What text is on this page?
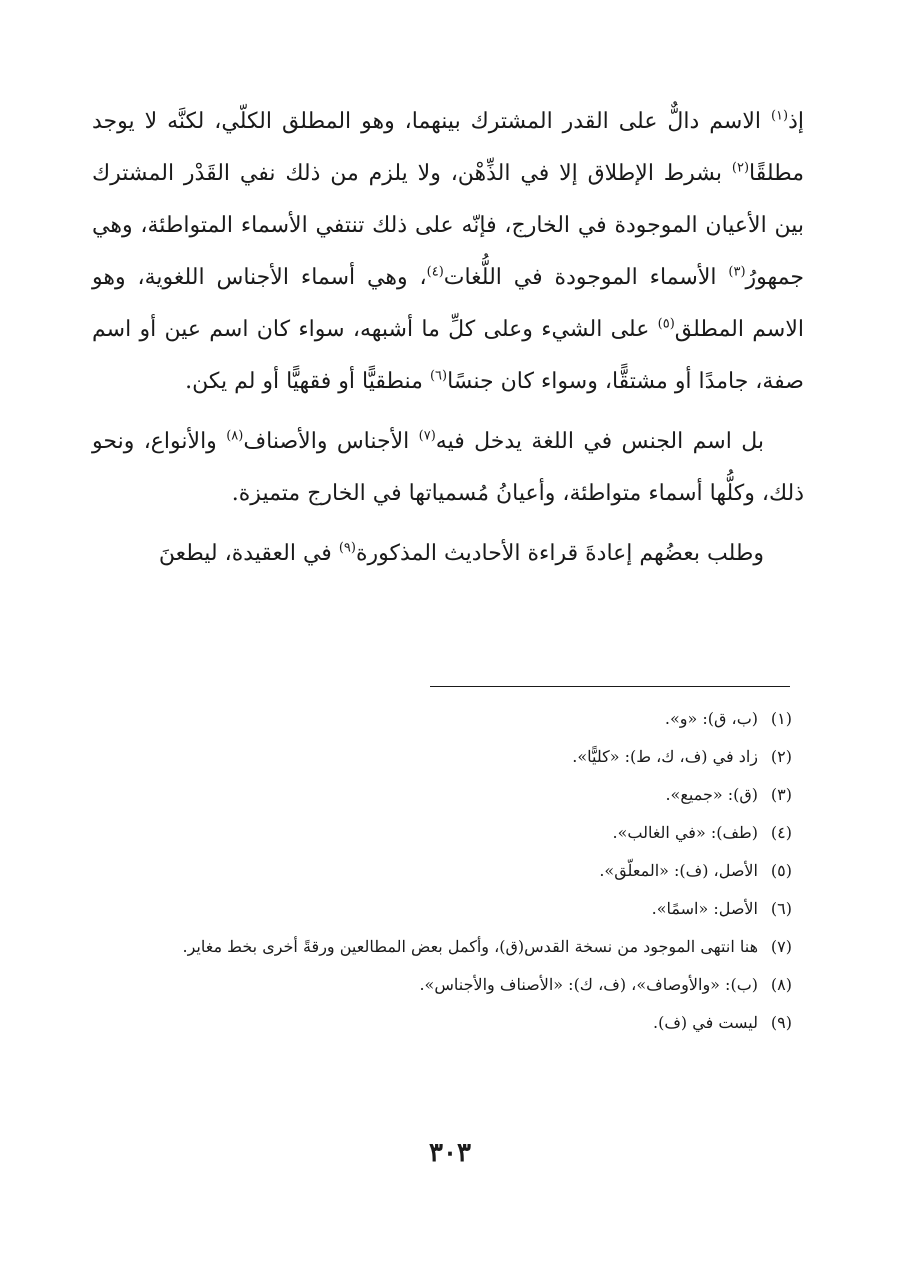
إذ$^{(١)}$ الاسم دالٌّ على القدر المشترك بينهما، وهو المطلق الكلّي، لكنَّه لا يوجد مطلقًا$^{(٢)}$ بشرط الإطلاق إلا في الذِّهْن، ولا يلزم من ذلك نفي القَدْر المشترك بين الأعيان الموجودة في الخارج، فإنّه على ذلك تنتفي الأسماء المتواطئة، وهي جمهورُ$^{(٣)}$ الأسماء الموجودة في اللُّغات$^{(٤)}$، وهي أسماء الأجناس اللغوية، وهو الاسم المطلق$^{(٥)}$ على الشيء وعلى كلِّ ما أشبهه، سواء كان اسم عين أو اسم صفة، جامدًا أو مشتقًّا، وسواء كان جنسًا$^{(٦)}$ منطقيًّا أو فقهيًّا أو لم يكن.

بل اسم الجنس في اللغة يدخل فيه$^{(٧)}$ الأجناس والأصناف$^{(٨)}$ والأنواع، ونحو ذلك، وكلُّها أسماء متواطئة، وأعيانُ مُسمياتها في الخارج متميزة.

وطلب بعضُهم إعادةَ قراءة الأحاديث المذكورة$^{(٩)}$ في العقيدة، ليطعنَ

(١)
(ب، ق): «و».
(٢)
زاد في (ف، ك، ط): «كليًّا».
(٣)
(ق): «جميع».
(٤)
(طف): «في الغالب».
(٥)
الأصل، (ف): «المعلّق».
(٦)
الأصل: «اسمًا».
(٧)
هنا انتهى الموجود من نسخة القدس(ق)، وأكمل بعض المطالعين ورقةً أخرى بخط مغاير.
(٨)
(ب): «والأوصاف»، (ف، ك): «الأصناف والأجناس».
(٩)
ليست في (ف).
٣٠٣
